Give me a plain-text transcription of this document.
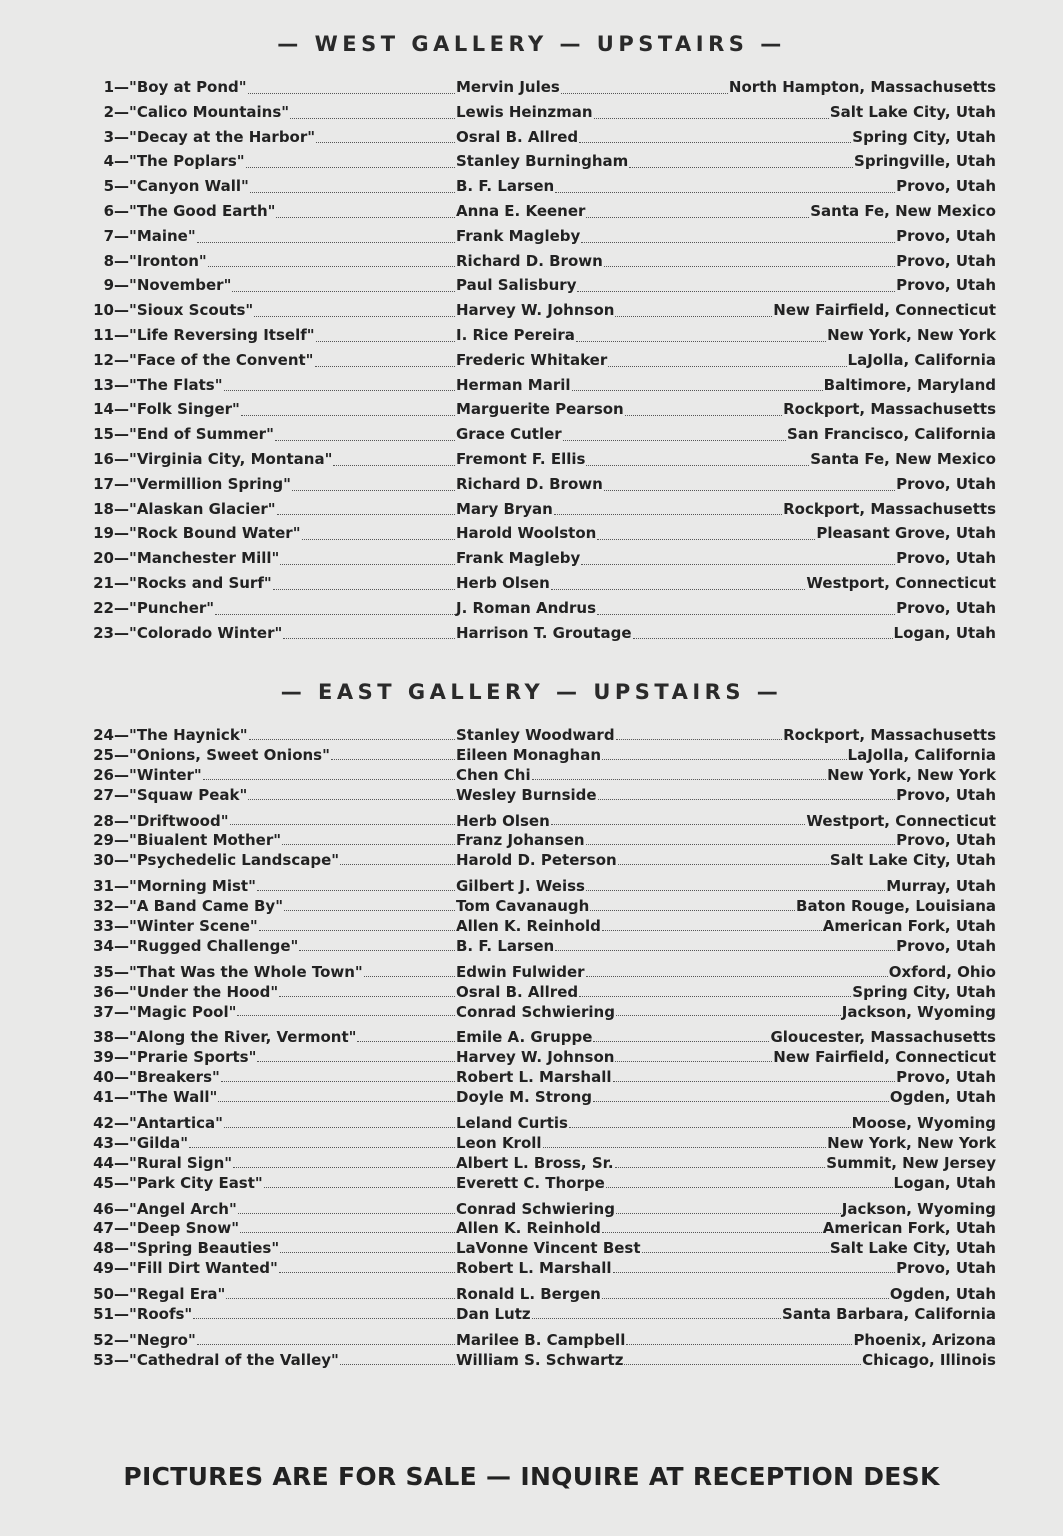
— WEST GALLERY — UPSTAIRS —
1 — "Boy at Pond"	Mervin Jules	North Hampton, Massachusetts
2 — "Calico Mountains"	Lewis Heinzman	Salt Lake City, Utah
3 — "Decay at the Harbor"	Osral B. Allred	Spring City, Utah
4 — "The Poplars"	Stanley Burningham	Springville, Utah
5 — "Canyon Wall"	B. F. Larsen	Provo, Utah
6 — "The Good Earth"	Anna E. Keener	Santa Fe, New Mexico
7 — "Maine"	Frank Magleby	Provo, Utah
8 — "Ironton"	Richard D. Brown	Provo, Utah
9 — "November"	Paul Salisbury	Provo, Utah
10 — "Sioux Scouts"	Harvey W. Johnson	New Fairfield, Connecticut
11 — "Life Reversing Itself"	I. Rice Pereira	New York, New York
12 — "Face of the Convent"	Frederic Whitaker	LaJolla, California
13 — "The Flats"	Herman Maril	Baltimore, Maryland
14 — "Folk Singer"	Marguerite Pearson	Rockport, Massachusetts
15 — "End of Summer"	Grace Cutler	San Francisco, California
16 — "Virginia City, Montana"	Fremont F. Ellis	Santa Fe, New Mexico
17 — "Vermillion Spring"	Richard D. Brown	Provo, Utah
18 — "Alaskan Glacier"	Mary Bryan	Rockport, Massachusetts
19 — "Rock Bound Water"	Harold Woolston	Pleasant Grove, Utah
20 — "Manchester Mill"	Frank Magleby	Provo, Utah
21 — "Rocks and Surf"	Herb Olsen	Westport, Connecticut
22 — "Puncher"	J. Roman Andrus	Provo, Utah
23 — "Colorado Winter"	Harrison T. Groutage	Logan, Utah
— EAST GALLERY — UPSTAIRS —
24 — "The Haynick"	Stanley Woodward	Rockport, Massachusetts
25 — "Onions, Sweet Onions"	Eileen Monaghan	LaJolla, California
26 — "Winter"	Chen Chi	New York, New York
27 — "Squaw Peak"	Wesley Burnside	Provo, Utah
28 — "Driftwood"	Herb Olsen	Westport, Connecticut
29 — "Biualent Mother"	Franz Johansen	Provo, Utah
30 — "Psychedelic Landscape"	Harold D. Peterson	Salt Lake City, Utah
31 — "Morning Mist"	Gilbert J. Weiss	Murray, Utah
32 — "A Band Came By"	Tom Cavanaugh	Baton Rouge, Louisiana
33 — "Winter Scene"	Allen K. Reinhold	American Fork, Utah
34 — "Rugged Challenge"	B. F. Larsen	Provo, Utah
35 — "That Was the Whole Town"	Edwin Fulwider	Oxford, Ohio
36 — "Under the Hood"	Osral B. Allred	Spring City, Utah
37 — "Magic Pool"	Conrad Schwiering	Jackson, Wyoming
38 — "Along the River, Vermont"	Emile A. Gruppe	Gloucester, Massachusetts
39 — "Prarie Sports"	Harvey W. Johnson	New Fairfield, Connecticut
40 — "Breakers"	Robert L. Marshall	Provo, Utah
41 — "The Wall"	Doyle M. Strong	Ogden, Utah
42 — "Antartica"	Leland Curtis	Moose, Wyoming
43 — "Gilda"	Leon Kroll	New York, New York
44 — "Rural Sign"	Albert L. Bross, Sr.	Summit, New Jersey
45 — "Park City East"	Everett C. Thorpe	Logan, Utah
46 — "Angel Arch"	Conrad Schwiering	Jackson, Wyoming
47 — "Deep Snow"	Allen K. Reinhold	American Fork, Utah
48 — "Spring Beauties"	LaVonne Vincent Best	Salt Lake City, Utah
49 — "Fill Dirt Wanted"	Robert L. Marshall	Provo, Utah
50 — "Regal Era"	Ronald L. Bergen	Ogden, Utah
51 — "Roofs"	Dan Lutz	Santa Barbara, California
52 — "Negro"	Marilee B. Campbell	Phoenix, Arizona
53 — "Cathedral of the Valley"	William S. Schwartz	Chicago, Illinois
PICTURES ARE FOR SALE — INQUIRE AT RECEPTION DESK
